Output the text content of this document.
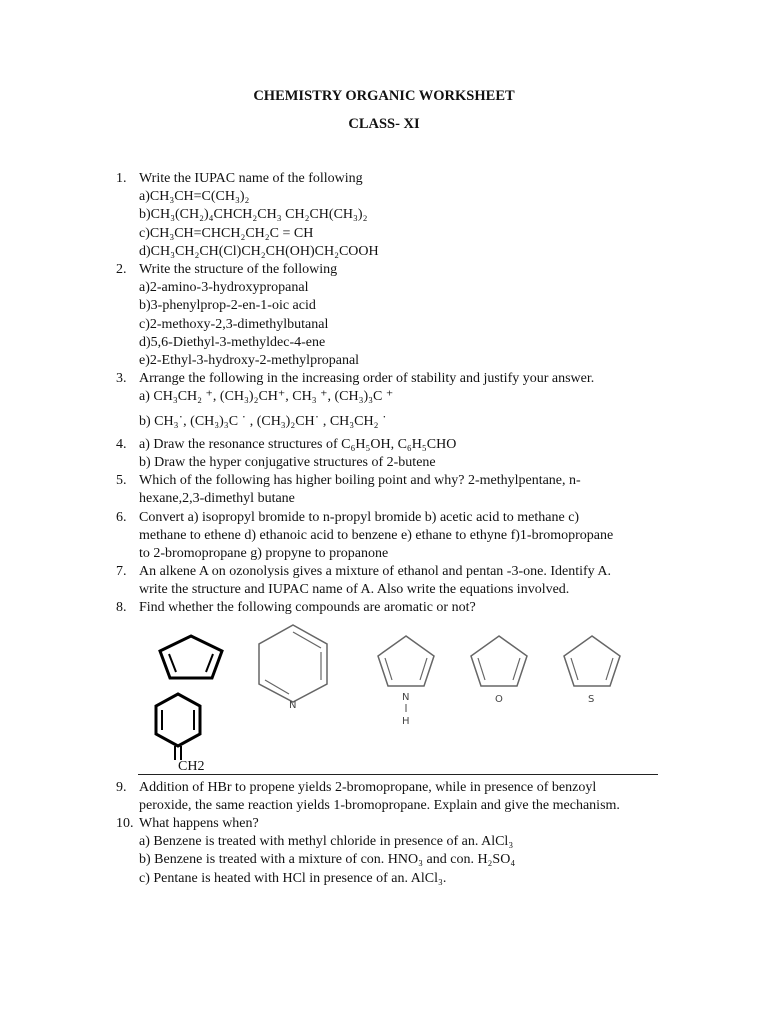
CHEMISTRY ORGANIC WORKSHEET
CLASS- XI
1. Write the IUPAC name of the following
a)CH₃CH=C(CH₃)₂
b)CH₃(CH₂)₄CHCH₂CH₃ CH₂CH(CH₃)₂
c)CH₃CH=CHCH₂CH₂C = CH
d)CH₃CH₂CH(Cl)CH₂CH(OH)CH₂COOH
2. Write the structure of the following
a)2-amino-3-hydroxypropanal
b)3-phenylprop-2-en-1-oic acid
c)2-methoxy-2,3-dimethylbutanal
d)5,6-Diethyl-3-methyldec-4-ene
e)2-Ethyl-3-hydroxy-2-methylpropanal
3. Arrange the following in the increasing order of stability and justify your answer.
a) CH₃CH₂ ⁺, (CH₃)₂CH⁺, CH₃ ⁺, (CH₃)₃C ⁺
b) CH₃˙, (CH₃)₃C ˙ , (CH₃)₂CH˙ , CH₃CH₂ ˙
4. a) Draw the resonance structures of C₆H₅OH, C₆H₅CHO
b) Draw the hyper conjugative structures of 2-butene
5. Which of the following has higher boiling point and why? 2-methylpentane, n-
hexane,2,3-dimethyl butane
6. Convert a) isopropyl bromide to n-propyl bromide b) acetic acid to methane c)
methane to ethene d) ethanoic acid to benzene e) ethane to ethyne f)1-bromopropane
to 2-bromopropane g) propyne to propanone
7. An alkene A on ozonolysis gives a mixture of ethanol and pentan -3-one. Identify A.
write the structure and IUPAC name of A. Also write the equations involved.
8. Find whether the following compounds are aromatic or not?
N
N
H
O	S
CH2
9. Addition of HBr to propene yields 2-bromopropane, while in presence of benzoyl
peroxide, the same reaction yields 1-bromopropane. Explain and give the mechanism.
10. What happens when?
a) Benzene is treated with methyl chloride in presence of an. AlCl₃
b) Benzene is treated with a mixture of con. HNO₃ and con. H₂SO₄
c) Pentane is heated with HCl in presence of an. AlCl₃.
